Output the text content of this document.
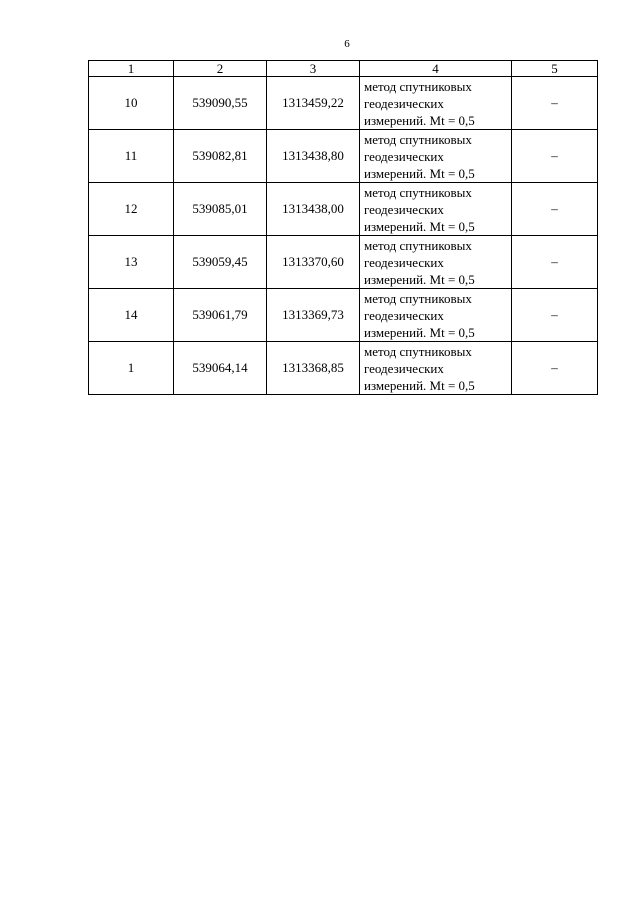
6
1	2	3	4	5
10	539090,55	1313459,22	метод спутниковых
геодезических
измерений. Mt = 0,5	–
11	539082,81	1313438,80	метод спутниковых
геодезических
измерений. Mt = 0,5	–
12	539085,01	1313438,00	метод спутниковых
геодезических
измерений. Mt = 0,5	–
13	539059,45	1313370,60	метод спутниковых
геодезических
измерений. Mt = 0,5	–
14	539061,79	1313369,73	метод спутниковых
геодезических
измерений. Mt = 0,5	–
1	539064,14	1313368,85	метод спутниковых
геодезических
измерений. Mt = 0,5	–
